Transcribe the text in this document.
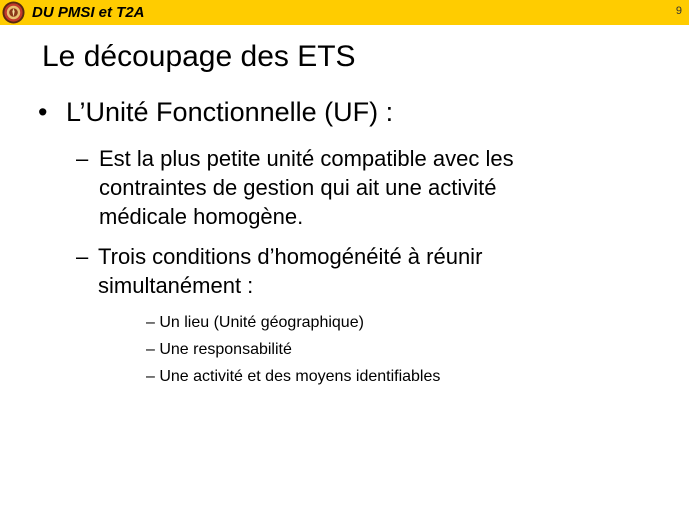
DU PMSI et T2A	9
Le découpage des ETS
• L’Unité Fonctionnelle (UF) :
– Est la plus petite unité compatible avec les
contraintes de gestion qui ait une activité
médicale homogène.
– Trois conditions d’homogénéité à réunir
simultanément :
– Un lieu (Unité géographique)
– Une responsabilité
– Une activité et des moyens identifiables
